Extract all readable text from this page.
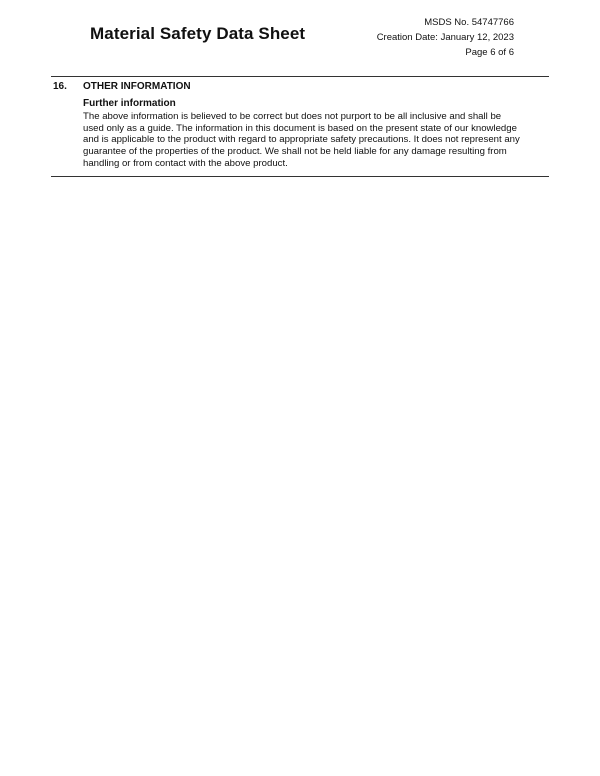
Material Safety Data Sheet
MSDS No. 54747766
Creation Date: January 12, 2023
Page 6 of 6
16. OTHER INFORMATION
Further information
The above information is believed to be correct but does not purport to be all inclusive and shall be
used only as a guide. The information in this document is based on the present state of our knowledge
and is applicable to the product with regard to appropriate safety precautions. It does not represent any
guarantee of the properties of the product. We shall not be held liable for any damage resulting from
handling or from contact with the above product.
